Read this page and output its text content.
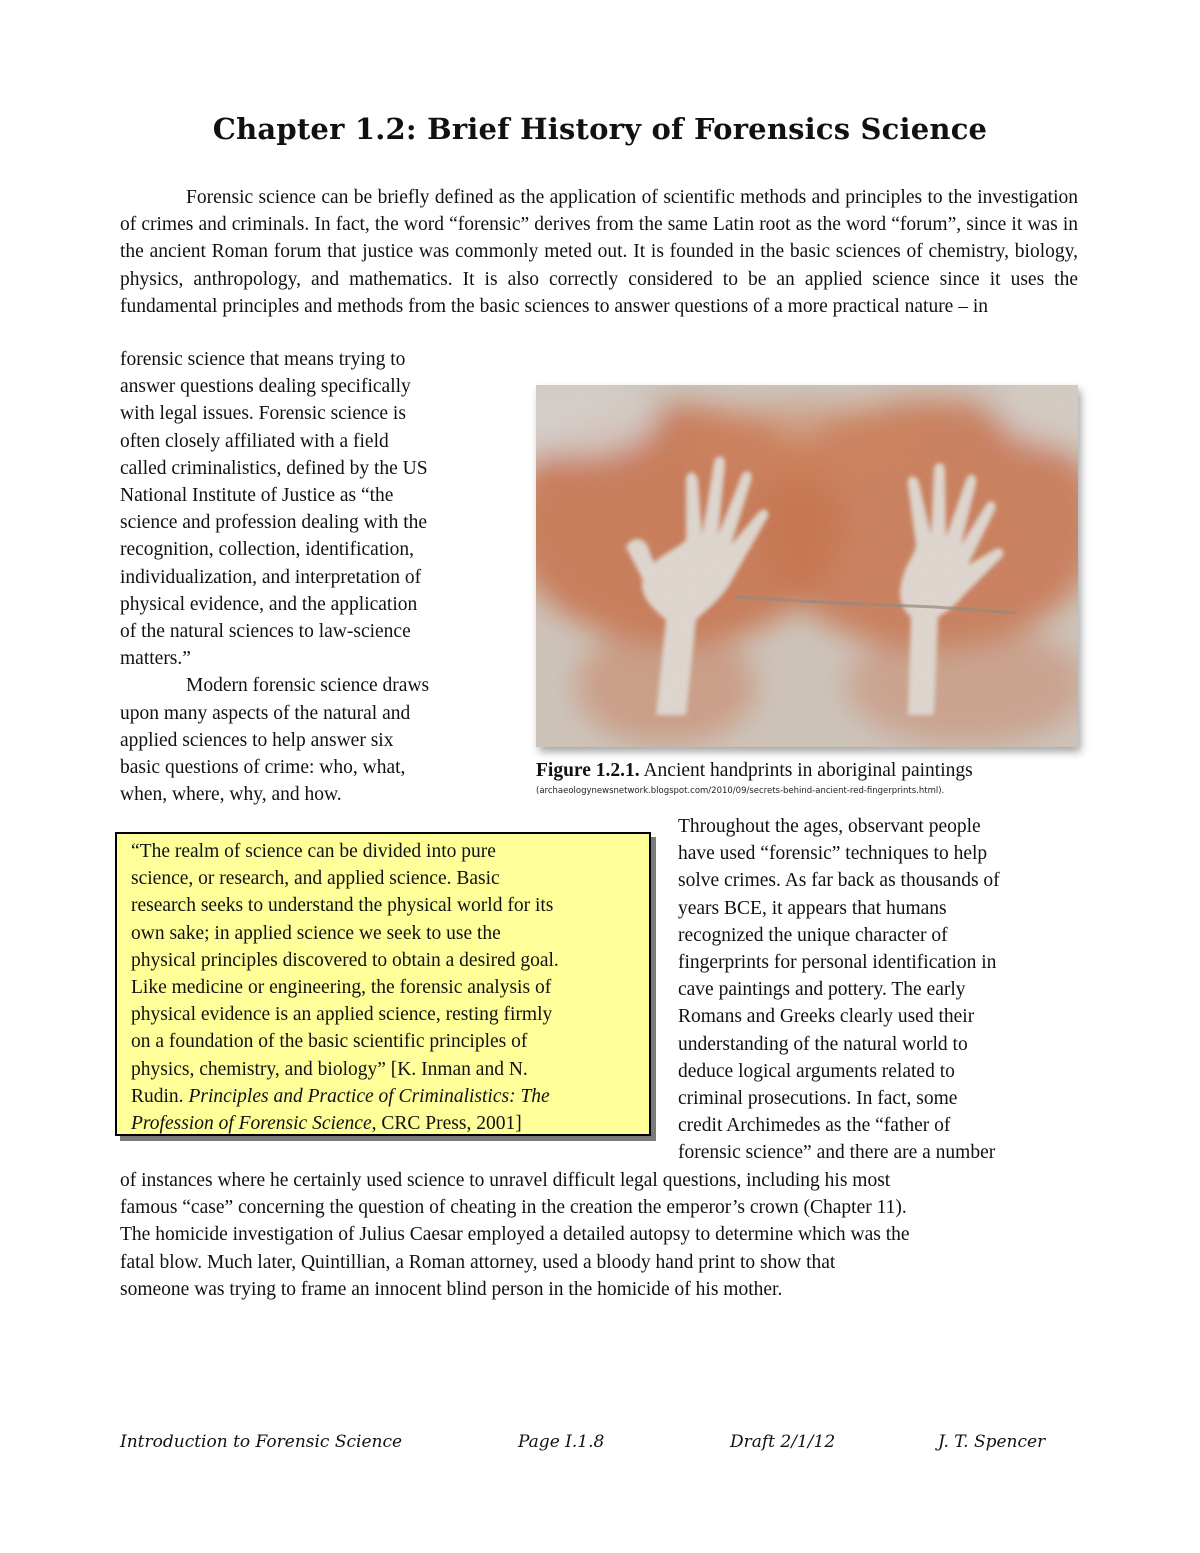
Chapter 1.2: Brief History of Forensics Science

Forensic science can be briefly defined as the application of scientific methods and principles to the investigation of crimes and criminals. In fact, the word “forensic” derives from the same Latin root as the word “forum”, since it was in the ancient Roman forum that justice was commonly meted out. It is founded in the basic sciences of chemistry, biology, physics, anthropology, and mathematics. It is also correctly considered to be an applied science since it uses the fundamental principles and methods from the basic sciences to answer questions of a more practical nature – in

forensic science that means trying to
answer questions dealing specifically
with legal issues. Forensic science is
often closely affiliated with a field
called criminalistics, defined by the US
National Institute of Justice as “the
science and profession dealing with the
recognition, collection, identification,
individualization, and interpretation of
physical evidence, and the application
of the natural sciences to law-science
matters.”
Modern forensic science draws
upon many aspects of the natural and
applied sciences to help answer six
basic questions of crime: who, what,
when, where, why, and how.
Figure 1.2.1. Ancient handprints in aboriginal paintings
(archaeologynewsnetwork.blogspot.com/2010/09/secrets-behind-ancient-red-fingerprints.html).
“The realm of science can be divided into pure
science, or research, and applied science. Basic
research seeks to understand the physical world for its
own sake; in applied science we seek to use the
physical principles discovered to obtain a desired goal.
Like medicine or engineering, the forensic analysis of
physical evidence is an applied science, resting firmly
on a foundation of the basic scientific principles of
physics, chemistry, and biology” [K. Inman and N.
Rudin. Principles and Practice of Criminalistics: The
Profession of Forensic Science, CRC Press, 2001]
Throughout the ages, observant people
have used “forensic” techniques to help
solve crimes. As far back as thousands of
years BCE, it appears that humans
recognized the unique character of
fingerprints for personal identification in
cave paintings and pottery. The early
Romans and Greeks clearly used their
understanding of the natural world to
deduce logical arguments related to
criminal prosecutions. In fact, some
credit Archimedes as the “father of
forensic science” and there are a number
of instances where he certainly used science to unravel difficult legal questions, including his most
famous “case” concerning the question of cheating in the creation the emperor’s crown (Chapter 11).
The homicide investigation of Julius Caesar employed a detailed autopsy to determine which was the
fatal blow. Much later, Quintillian, a Roman attorney, used a bloody hand print to show that
someone was trying to frame an innocent blind person in the homicide of his mother.
Introduction to Forensic Science	Page I.1.8	Draft 2/1/12	J. T. Spencer
